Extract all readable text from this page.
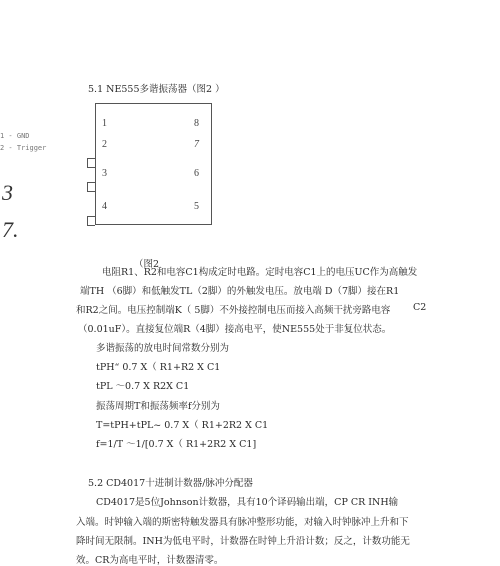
5.1 NE555多谐振荡器（图2 ）
1 - GND
2 - Trigger
3
7.
1
2
3
4
8
7
6
5
（图2
电阻R1、R2和电容C1构成定时电路。定时电容C1上的电压UC作为高触发
端TH （6脚）和低触发TL（2脚）的外触发电压。放电端 D（7脚）接在R1
和R2之间。电压控制端K（ 5脚）不外接控制电压而接入高频干扰旁路电容 C2
（0.01uF）。直接复位端R（4脚）接高电平，使NE555处于非复位状态。
多谐振荡的放电时间常数分别为
tPH“ 0.7 X（ R1+R2 X C1
tPL ～0.7 X R2X C1
振荡周期T和振荡频率f分别为
T=tPH+tPL~ 0.7 X（ R1+2R2 X C1
f=1/T ～1/[0.7 X（ R1+2R2 X C1]
5.2 CD4017十进制计数器/脉冲分配器
CD4017是5位Johnson计数器，具有10个译码输出端，CP CR INH输
入端。时钟输入端的斯密特触发器具有脉冲整形功能，对输入时钟脉冲上升和下
降时间无限制。INH为低电平时，计数器在时钟上升沿计数；反之，计数功能无
效。CR为高电平时，计数器清零。
